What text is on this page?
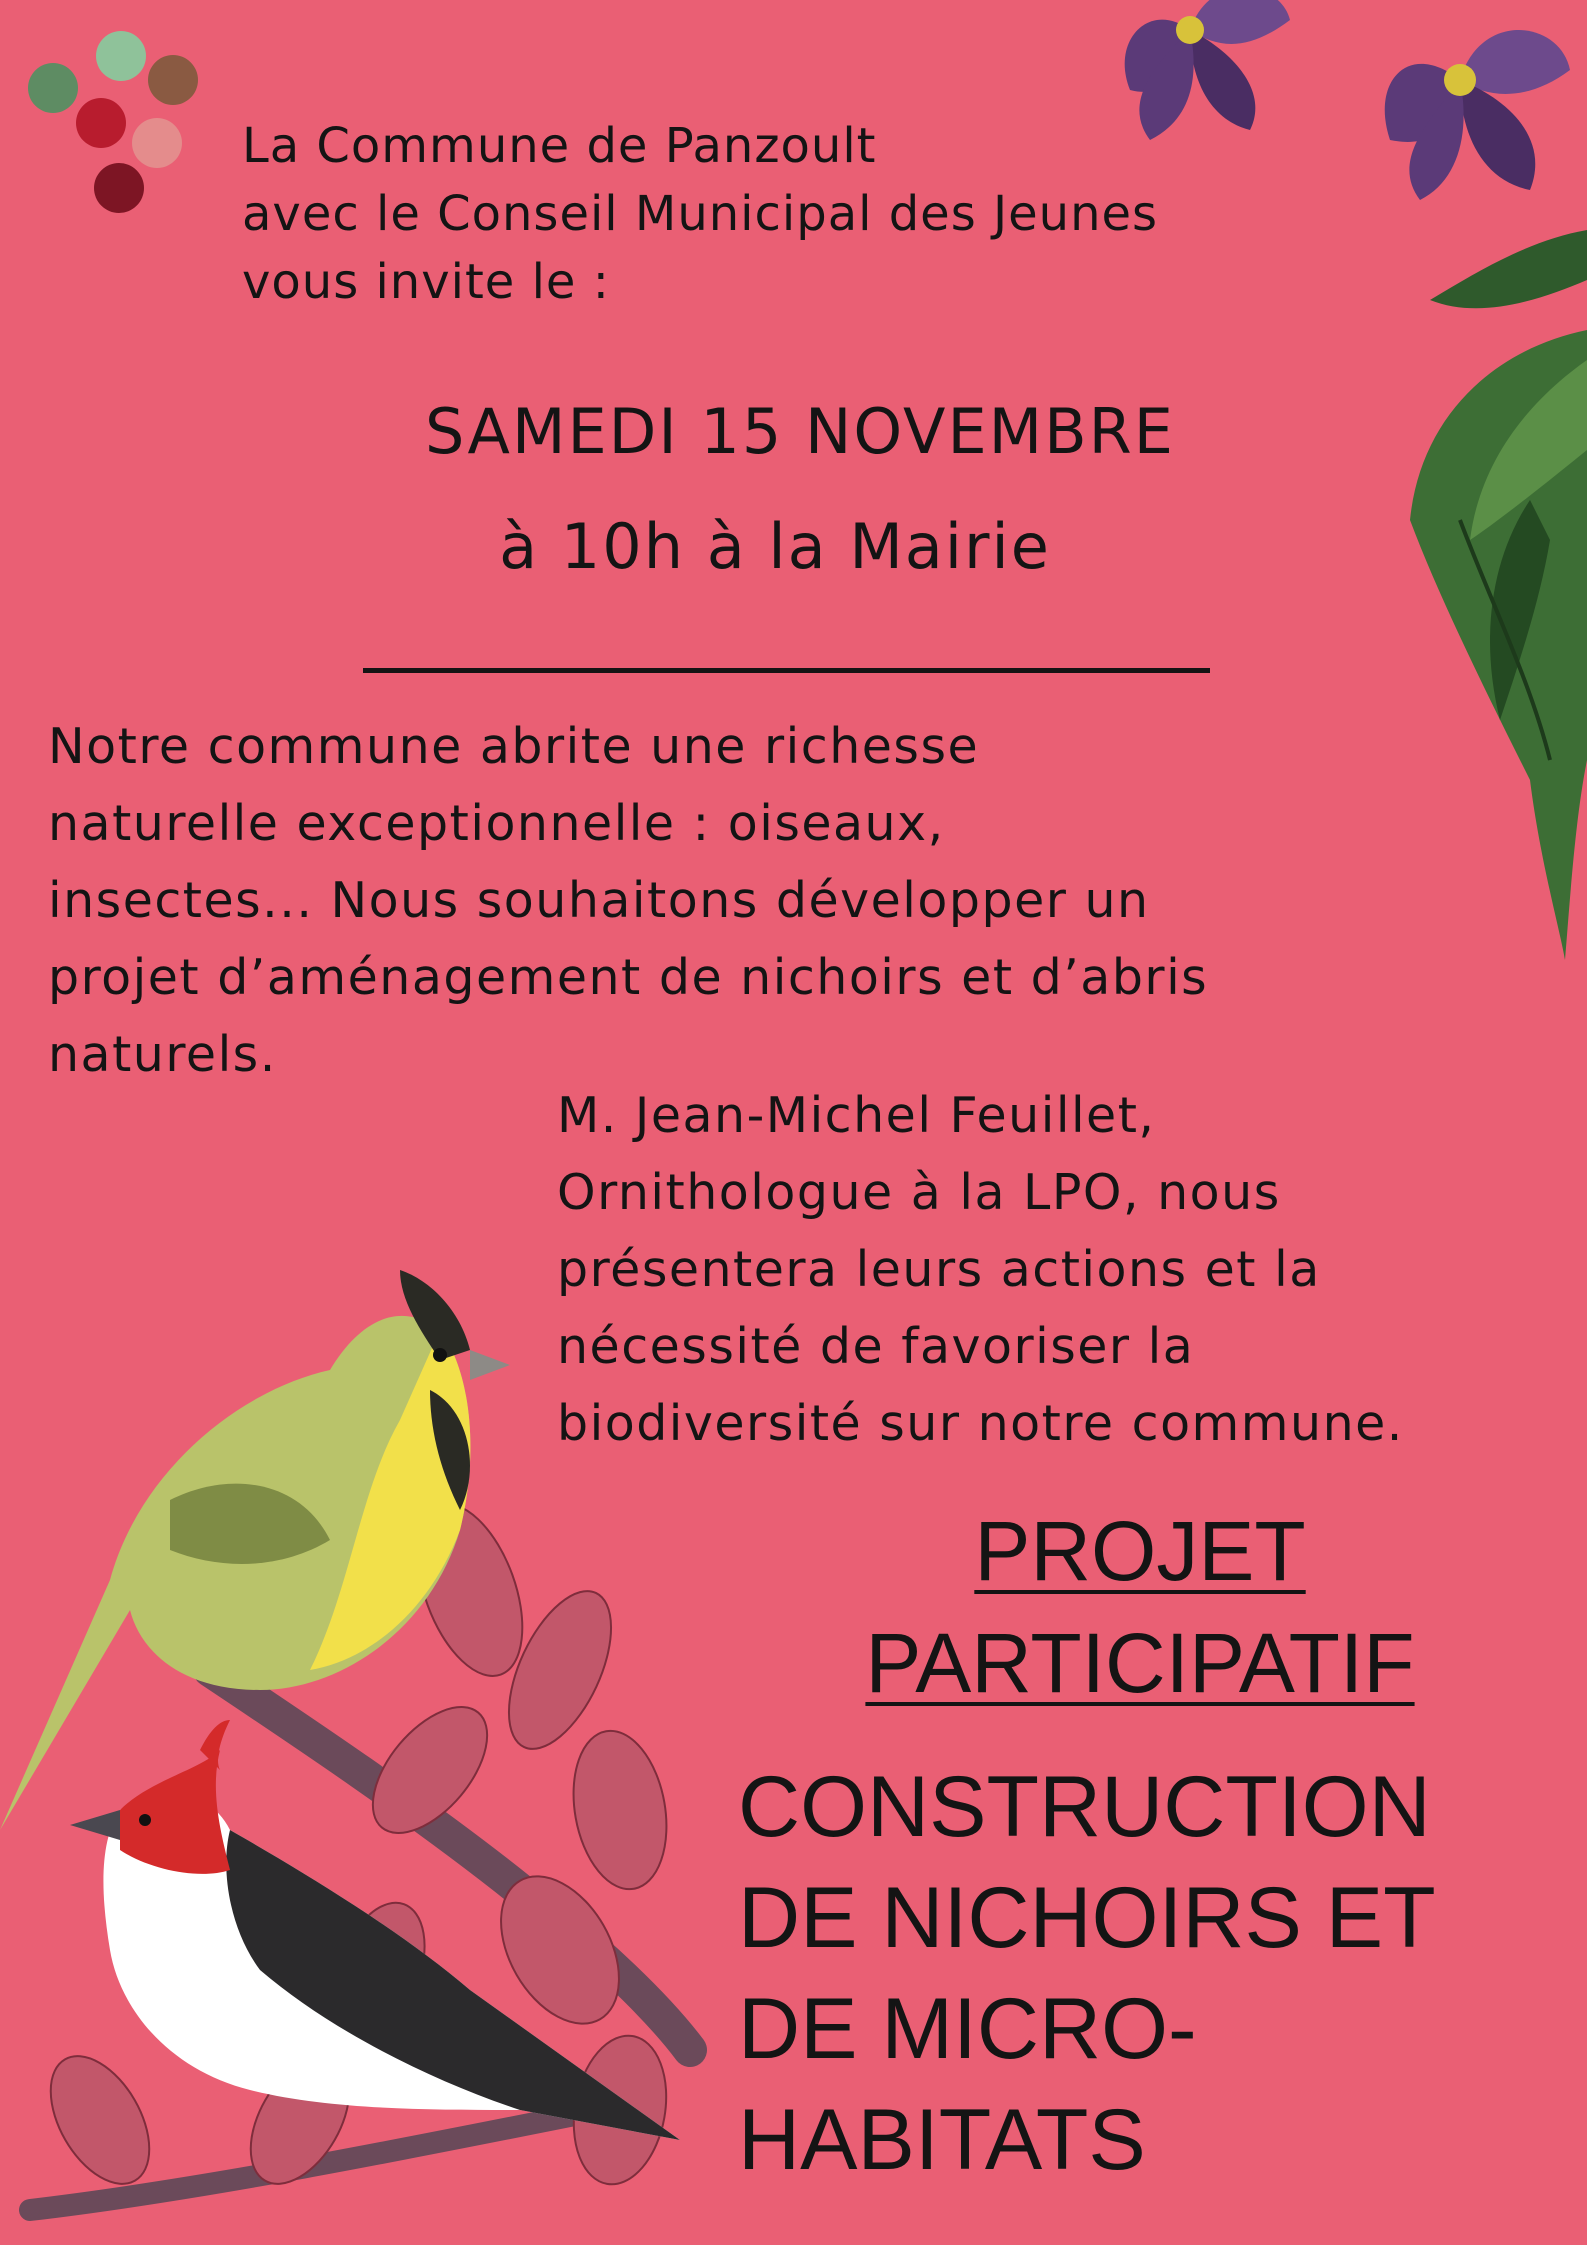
La Commune de Panzoult
avec le Conseil Municipal des Jeunes
vous invite le :
SAMEDI 15 NOVEMBRE
à 10h à la Mairie
Notre commune abrite une richesse
naturelle exceptionnelle : oiseaux,
insectes... Nous souhaitons développer un
projet d’aménagement de nichoirs et d’abris
naturels.
M. Jean-Michel Feuillet,
Ornithologue à la LPO, nous
présentera leurs actions et la
nécessité de favoriser la
biodiversité sur notre commune.
PROJET
PARTICIPATIF
CONSTRUCTION
DE NICHOIRS ET
DE MICRO-
HABITATS
